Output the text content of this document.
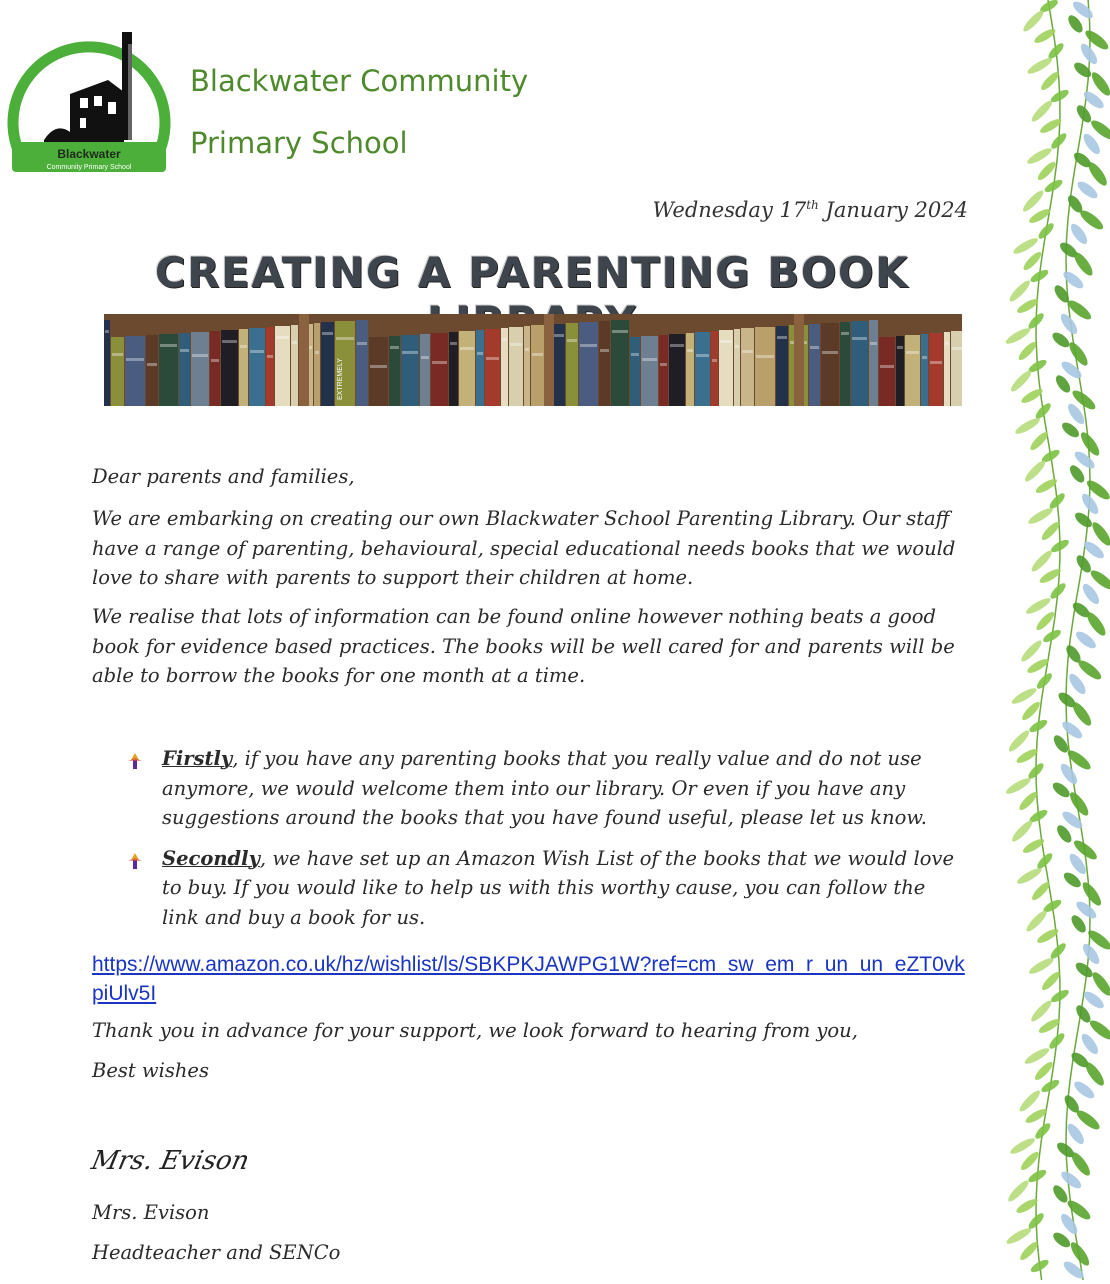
Blackwater
Community Primary School
Blackwater Community
Primary School
Wednesday 17th January 2024
CREATING A PARENTING BOOK
EXTREMELY
Dear parents and families,

We are embarking on creating our own Blackwater School Parenting Library. Our staff have a range of parenting, behavioural, special educational needs books that we would love to share with parents to support their children at home.

We realise that lots of information can be found online however nothing beats a good book for evidence based practices. The books will be well cared for and parents will be able to borrow the books for one month at a time.

Firstly, if you have any parenting books that you really value and do not use anymore, we would welcome them into our library. Or even if you have any suggestions around the books that you have found useful, please let us know.
Secondly, we have set up an Amazon Wish List of the books that we would love to buy. If you would like to help us with this worthy cause, you can follow the link and buy a book for us.
https://www.amazon.co.uk/hz/wishlist/ls/SBKPKJAWPG1W?ref=cm_sw_em_r_un_un_eZT0vkpiUlv5I
Thank you in advance for your support, we look forward to hearing from you,
Best wishes
Mrs. Evison
Mrs. Evison
Headteacher and SENCo
